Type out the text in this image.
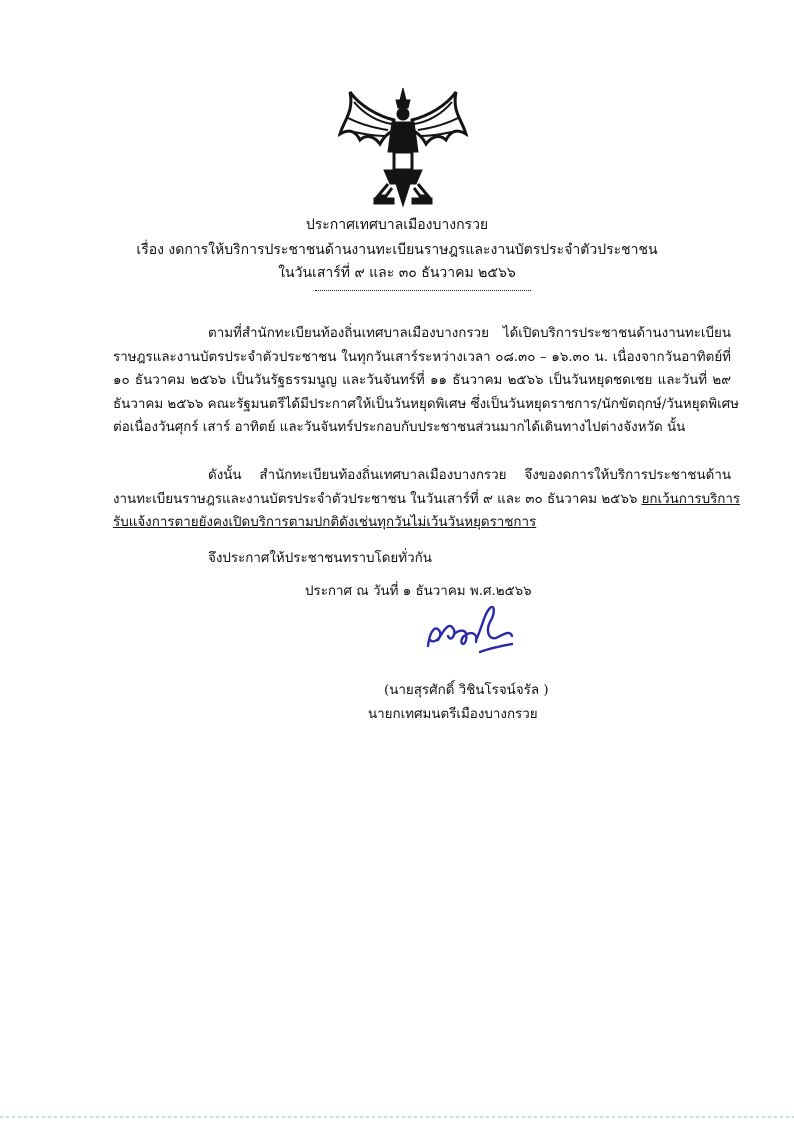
ประกาศเทศบาลเมืองบางกรวย
เรื่อง งดการให้บริการประชาชนด้านงานทะเบียนราษฎรและงานบัตรประจำตัวประชาชน
ในวันเสาร์ที่ ๙ และ ๓๐ ธันวาคม ๒๕๖๖
ตามที่สำนักทะเบียนท้องถิ่นเทศบาลเมืองบางกรวย ได้เปิดบริการประชาชนด้านงานทะเบียน
ราษฎรและงานบัตรประจำตัวประชาชน ในทุกวันเสาร์ระหว่างเวลา ๐๘.๓๐ – ๑๖.๓๐ น. เนื่องจากวันอาทิตย์ที่
๑๐ ธันวาคม ๒๕๖๖ เป็นวันรัฐธรรมนูญ และวันจันทร์ที่ ๑๑ ธันวาคม ๒๕๖๖ เป็นวันหยุดชดเชย และวันที่ ๒๙
ธันวาคม ๒๕๖๖ คณะรัฐมนตรีได้มีประกาศให้เป็นวันหยุดพิเศษ ซึ่งเป็นวันหยุดราชการ/นักขัตฤกษ์/วันหยุดพิเศษ
ต่อเนื่องวันศุกร์ เสาร์ อาทิตย์ และวันจันทร์ประกอบกับประชาชนส่วนมากได้เดินทางไปต่างจังหวัด นั้น
ดังนั้น สำนักทะเบียนท้องถิ่นเทศบาลเมืองบางกรวย จึงของดการให้บริการประชาชนด้าน
งานทะเบียนราษฎรและงานบัตรประจำตัวประชาชน ในวันเสาร์ที่ ๙ และ ๓๐ ธันวาคม ๒๕๖๖ ยกเว้นการบริการ
รับแจ้งการตายยังคงเปิดบริการตามปกติดังเช่นทุกวันไม่เว้นวันหยุดราชการ
จึงประกาศให้ประชาชนทราบโดยทั่วกัน
ประกาศ ณ วันที่ ๑ ธันวาคม พ.ศ.๒๕๖๖
(นายสุรศักดิ์ วิชินโรจน์จรัล )
นายกเทศมนตรีเมืองบางกรวย
